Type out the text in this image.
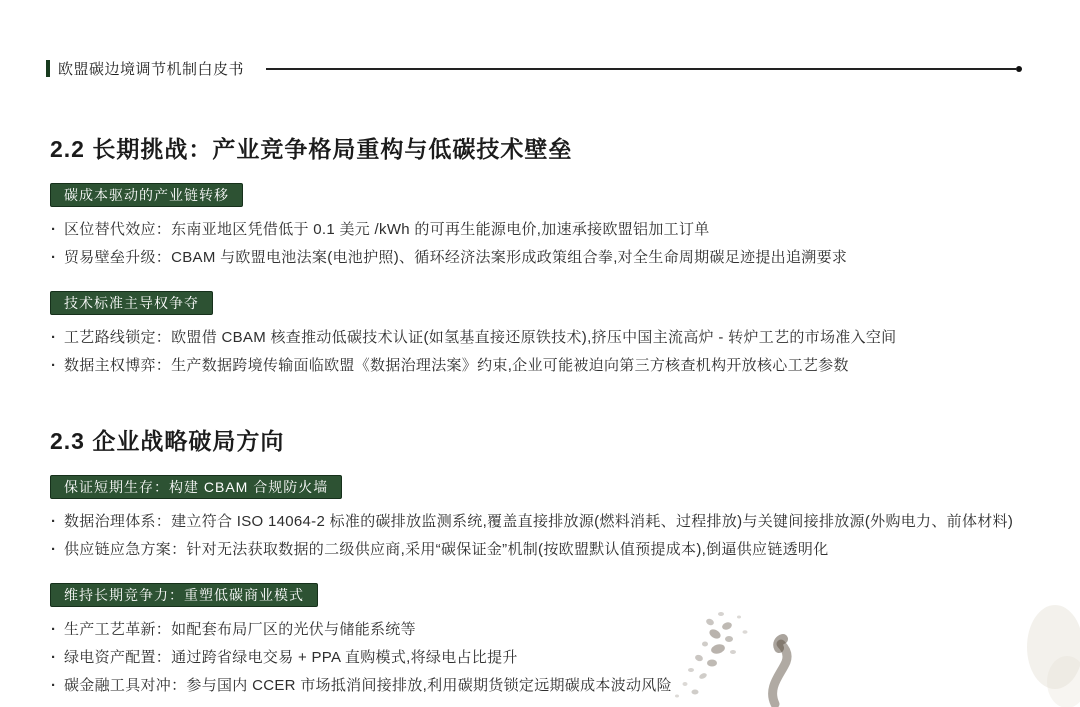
欧盟碳边境调节机制白皮书
2.2 长期挑战：产业竞争格局重构与低碳技术壁垒
碳成本驱动的产业链转移
· 区位替代效应：东南亚地区凭借低于 0.1 美元 /kWh 的可再生能源电价,加速承接欧盟铝加工订单
· 贸易壁垒升级：CBAM 与欧盟电池法案(电池护照)、循环经济法案形成政策组合拳,对全生命周期碳足迹提出追溯要求
技术标准主导权争夺
· 工艺路线锁定：欧盟借 CBAM 核查推动低碳技术认证(如氢基直接还原铁技术),挤压中国主流高炉 - 转炉工艺的市场准入空间
· 数据主权博弈：生产数据跨境传输面临欧盟《数据治理法案》约束,企业可能被迫向第三方核查机构开放核心工艺参数
2.3 企业战略破局方向
保证短期生存：构建 CBAM 合规防火墙
· 数据治理体系：建立符合 ISO 14064-2 标准的碳排放监测系统,覆盖直接排放源(燃料消耗、过程排放)与关键间接排放源(外购电力、前体材料)
· 供应链应急方案：针对无法获取数据的二级供应商,采用“碳保证金”机制(按欧盟默认值预提成本),倒逼供应链透明化
维持长期竞争力：重塑低碳商业模式
· 生产工艺革新：如配套布局厂区的光伏与储能系统等
· 绿电资产配置：通过跨省绿电交易 + PPA 直购模式,将绿电占比提升
· 碳金融工具对冲：参与国内 CCER 市场抵消间接排放,利用碳期货锁定远期碳成本波动风险
